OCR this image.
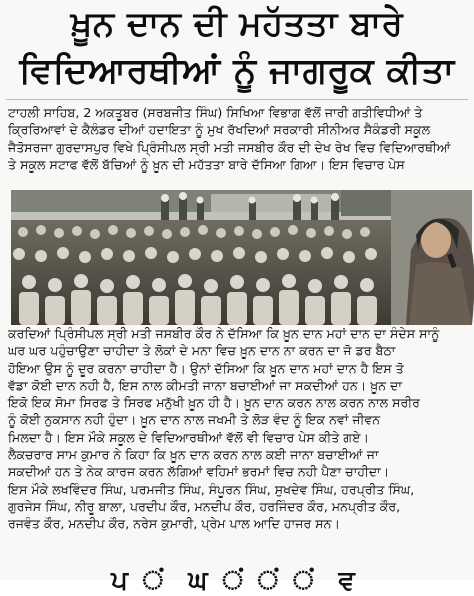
ਖ਼ੂਨ ਦਾਨ ਦੀ ਮਹੱਤਤਾ ਬਾਰੇ
ਵਿਦਿਆਰਥੀਆਂ ਨੂੰ ਜਾਗਰੂਕ ਕੀਤਾ
ਟਾਹਲੀ ਸਾਹਿਬ, 2 ਅਕਤੂਬਰ (ਸਰਬਜੀਤ ਸਿੰਘ) ਸਿਖਿਆ ਵਿਭਾਗ ਵੱਲੋਂ ਜਾਰੀ ਗਤੀਵਿਧੀਆਂ ਤੇ
ਕ੍ਰਿਰਿਆਵਾਂ ਦੇ ਕੈਲੰਡਰ ਦੀਆਂ ਹਦਾਇਤਾ ਨੂੰ ਮੁਖ ਰੱਖਦਿਆਂ ਸਰਕਾਰੀ ਸੀਨੀਅਰ ਸੈਕੰਡਰੀ ਸਕੂਲ
ਜੈਤੋਸਰਜਾ ਗੁਰਦਾਸਪੁਰ ਵਿਖੇ ਪ੍ਰਿੰਸੀਪਲ ਸ੍ਰੀ ਮਤੀ ਜਸਬੀਰ ਕੌਰ ਦੀ ਦੇਖ ਰੇਖ ਵਿਚ ਵਿਦਿਆਰਥੀਆਂ
ਤੇ ਸਕੂਲ ਸਟਾਫ ਵੱਲੋਂ ਬੱਚਿਆਂ ਨੂੰ ਖ਼ੂਨ ਦੀ ਮਹੱਤਤਾ ਬਾਰੇ ਦੱਸਿਆ ਗਿਆ। ਇਸ ਵਿਚਾਰ ਪੇਸ
ਕਰਦਿਆਂ ਪ੍ਰਿੰਸੀਪਲ ਸ੍ਰੀ ਮਤੀ ਜਸਬੀਰ ਕੌਰ ਨੇ ਦੱਸਿਆ ਕਿ ਖ਼ੂਨ ਦਾਨ ਮਹਾਂ ਦਾਨ ਦਾ ਸੰਦੇਸ ਸਾਨੂੰ
ਘਰ ਘਰ ਪਹੁੰਚਾਉਣਾ ਚਾਹੀਦਾ ਤੇ ਲੋਕਾਂ ਦੇ ਮਨਾ ਵਿਚ ਖ਼ੂਨ ਦਾਨ ਨਾ ਕਰਨ ਦਾ ਜੋ ਡਰ ਬੈਠਾ
ਹੋਇਆ ਉਸ ਨੂੰ ਦੂਰ ਕਰਨਾ ਚਾਹੀਦਾ ਹੈ। ਉਨਾਂ ਦੱਸਿਆ ਕਿ ਖ਼ੂਨ ਦਾਨ ਮਹਾਂ ਦਾਨ ਹੈ ਇਸ ਤੋ
ਵੱਡਾ ਕੋਈ ਦਾਨ ਨਹੀ ਹੈ, ਇਸ ਨਾਲ ਕੀਮਤੀ ਜਾਨਾ ਬਚਾਈਆਂ ਜਾ ਸਕਦੀਆਂ ਹਨ। ਖ਼ੂਨ ਦਾ
ਇਕੋ ਇਕ ਸੋਮਾ ਸਿਰਫ ਤੇ ਸਿਰਫ ਮਨੁੱਖੀ ਖ਼ੂਨ ਹੀ ਹੈ। ਖ਼ੂਨ ਦਾਨ ਕਰਨ ਨਾਲ ਕਰਨ ਨਾਲ ਸਰੀਰ
ਨੂੰ ਕੋਈ ਨੁਕਸਾਨ ਨਹੀ ਹੁੰਦਾ। ਖ਼ੂਨ ਦਾਨ ਨਾਲ ਜਖਮੀ ਤੇ ਲੋੜ ਵੰਦ ਨੂੰ ਇਕ ਨਵਾਂ ਜੀਵਨ
ਮਿਲਦਾ ਹੈ। ਇਸ ਮੌਕੇ ਸਕੂਲ ਦੇ ਵਿਦਿਆਰਥੀਆਂ ਵੱਲੋਂ ਵੀ ਵਿਚਾਰ ਪੇਸ ਕੀਤੇ ਗਏ।
ਲੈਕਚਰਾਰ ਸਾਮ ਕੁਮਾਰ ਨੇ ਕਿਹਾ ਕਿ ਖ਼ੂਨ ਦਾਨ ਕਰਨ ਨਾਲ ਕਈ ਜਾਨਾ ਬਚਾਈਆਂ ਜਾ
ਸਕਦੀਆਂ ਹਨ ਤੇ ਨੇਕ ਕਾਰਜ ਕਰਨ ਲੱਗਿਆਂ ਵਹਿਮਾਂ ਭਰਮਾਂ ਵਿਚ ਨਹੀ ਪੈਣਾ ਚਾਹੀਦਾ।
ਇਸ ਮੌਕੇ ਲਖਵਿੰਦਰ ਸਿੰਘ, ਪਰਮਜੀਤ ਸਿੰਘ, ਸੰਪੂਰਨ ਸਿੰਘ, ਸੁਖਦੇਵ ਸਿੰਘ, ਹਰਪ੍ਰੀਤ ਸਿੰਘ,
ਗੁਰਜੇਸ ਸਿੰਘ, ਨੀਰੂ ਬਾਲਾ, ਪਰਦੀਪ ਕੌਰ, ਮਨਦੀਪ ਕੌਰ, ਹਰਜਿੰਦਰ ਕੌਰ, ਮਨਪ੍ਰੀਤ ਕੌਰ,
ਰਜਵੰਤ ਕੌਰ, ਮਨਦੀਪ ਕੌਰ, ਨਰੇਸ ਕੁਮਾਰੀ, ਪ੍ਰੇਮ ਪਾਲ ਆਦਿ ਹਾਜਰ ਸਨ।
ਪ ਂ ਘ ਂ ਂ ਂ ਵ
